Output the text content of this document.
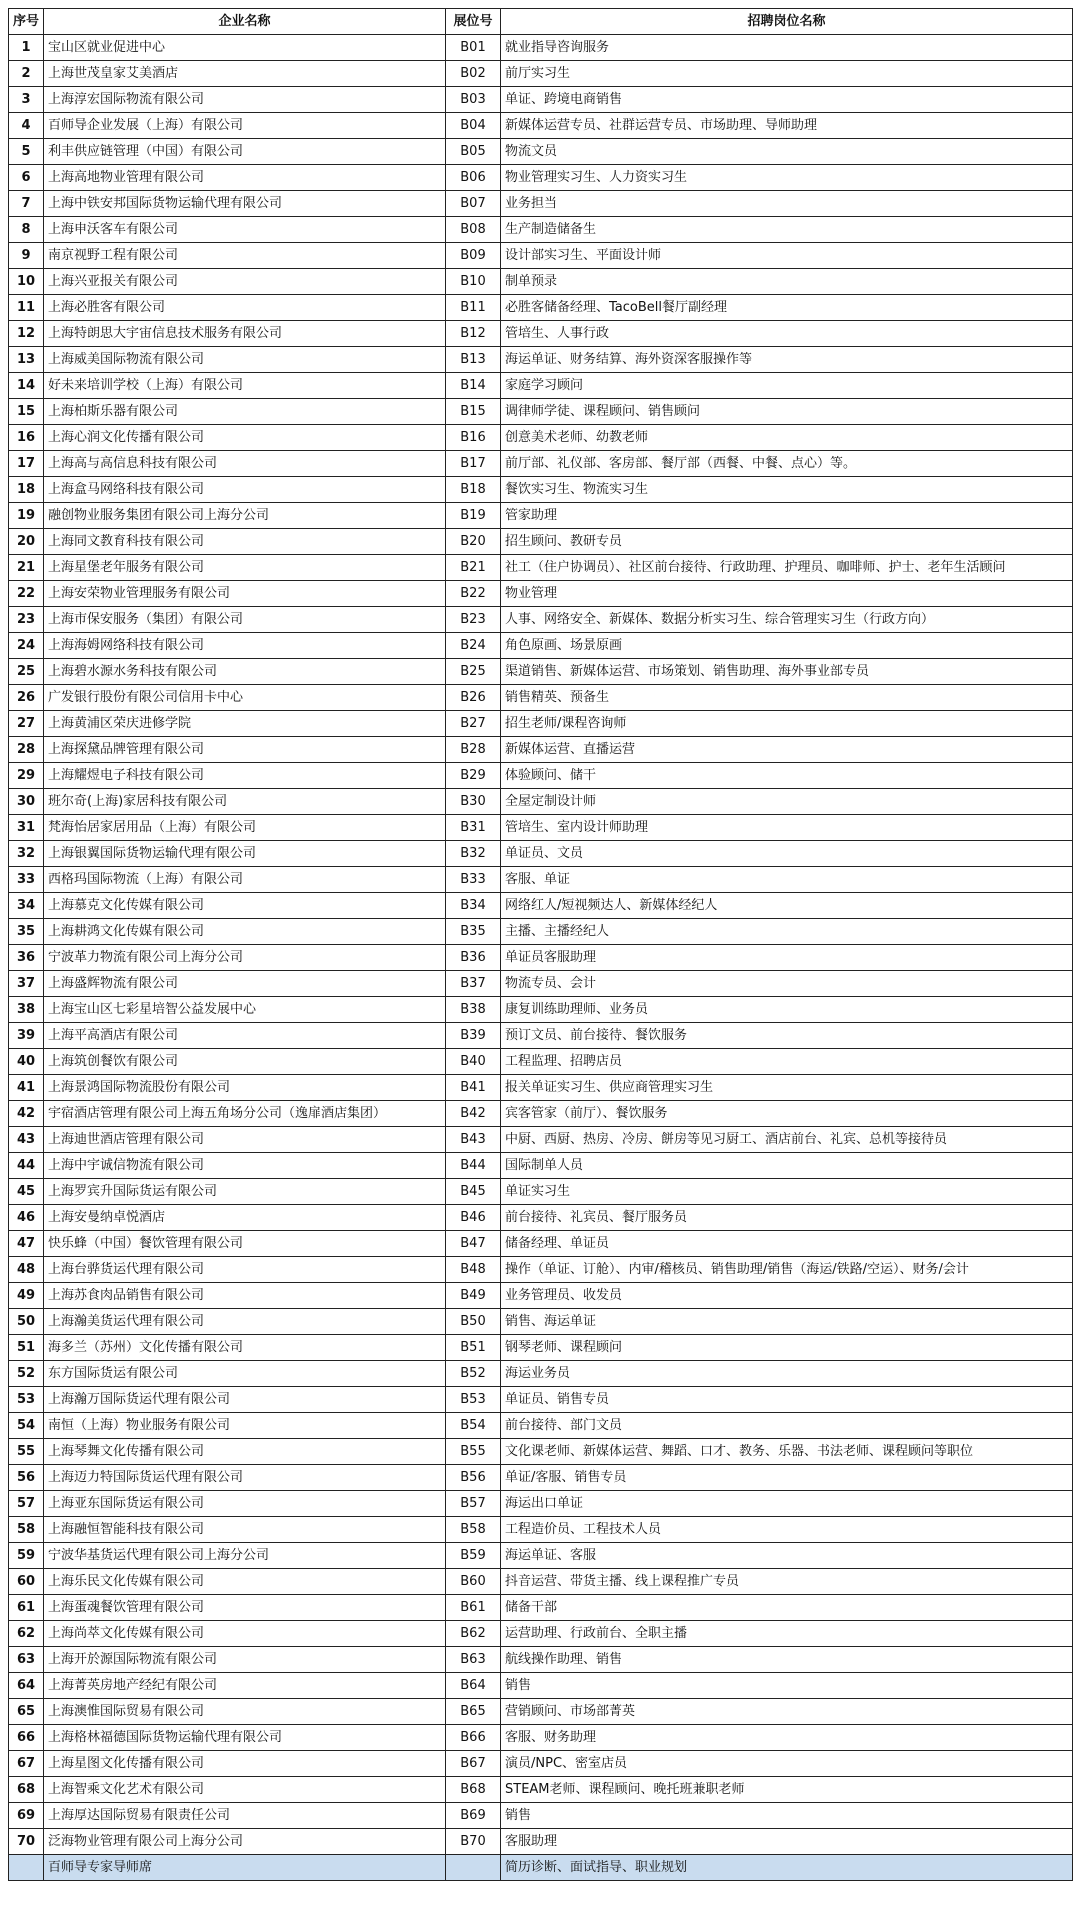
序号	企业名称	展位号	招聘岗位名称
1	宝山区就业促进中心	B01	就业指导咨询服务
2	上海世茂皇家艾美酒店	B02	前厅实习生
3	上海淳宏国际物流有限公司	B03	单证、跨境电商销售
4	百师导企业发展（上海）有限公司	B04	新媒体运营专员、社群运营专员、市场助理、导师助理
5	利丰供应链管理（中国）有限公司	B05	物流文员
6	上海高地物业管理有限公司	B06	物业管理实习生、人力资实习生
7	上海中铁安邦国际货物运输代理有限公司	B07	业务担当
8	上海申沃客车有限公司	B08	生产制造储备生
9	南京视野工程有限公司	B09	设计部实习生、平面设计师
10	上海兴亚报关有限公司	B10	制单预录
11	上海必胜客有限公司	B11	必胜客储备经理、TacoBell餐厅副经理
12	上海特朗思大宇宙信息技术服务有限公司	B12	管培生、人事行政
13	上海威美国际物流有限公司	B13	海运单证、财务结算、海外资深客服操作等
14	好未来培训学校（上海）有限公司	B14	家庭学习顾问
15	上海柏斯乐器有限公司	B15	调律师学徒、课程顾问、销售顾问
16	上海心润文化传播有限公司	B16	创意美术老师、幼教老师
17	上海高与高信息科技有限公司	B17	前厅部、礼仪部、客房部、餐厅部（西餐、中餐、点心）等。
18	上海盒马网络科技有限公司	B18	餐饮实习生、物流实习生
19	融创物业服务集团有限公司上海分公司	B19	管家助理
20	上海同文教育科技有限公司	B20	招生顾问、教研专员
21	上海星堡老年服务有限公司	B21	社工（住户协调员）、社区前台接待、行政助理、护理员、咖啡师、护士、老年生活顾问
22	上海安荣物业管理服务有限公司	B22	物业管理
23	上海市保安服务（集团）有限公司	B23	人事、网络安全、新媒体、数据分析实习生、综合管理实习生（行政方向）
24	上海海姆网络科技有限公司	B24	角色原画、场景原画
25	上海碧水源水务科技有限公司	B25	渠道销售、新媒体运营、市场策划、销售助理、海外事业部专员
26	广发银行股份有限公司信用卡中心	B26	销售精英、预备生
27	上海黄浦区荣庆进修学院	B27	招生老师/课程咨询师
28	上海探黛品牌管理有限公司	B28	新媒体运营、直播运营
29	上海耀煜电子科技有限公司	B29	体验顾问、储干
30	班尔奇(上海)家居科技有限公司	B30	全屋定制设计师
31	梵海怡居家居用品（上海）有限公司	B31	管培生、室内设计师助理
32	上海银翼国际货物运输代理有限公司	B32	单证员、文员
33	西格玛国际物流（上海）有限公司	B33	客服、单证
34	上海慕克文化传媒有限公司	B34	网络红人/短视频达人、新媒体经纪人
35	上海耕鸿文化传媒有限公司	B35	主播、主播经纪人
36	宁波革力物流有限公司上海分公司	B36	单证员客服助理
37	上海盛辉物流有限公司	B37	物流专员、会计
38	上海宝山区七彩星培智公益发展中心	B38	康复训练助理师、业务员
39	上海平高酒店有限公司	B39	预订文员、前台接待、餐饮服务
40	上海筑创餐饮有限公司	B40	工程监理、招聘店员
41	上海景鸿国际物流股份有限公司	B41	报关单证实习生、供应商管理实习生
42	宇宿酒店管理有限公司上海五角场分公司（逸扉酒店集团）	B42	宾客管家（前厅）、餐饮服务
43	上海迪世酒店管理有限公司	B43	中厨、西厨、热房、冷房、餅房等见习厨工、酒店前台、礼宾、总机等接待员
44	上海中宇诚信物流有限公司	B44	国际制单人员
45	上海罗宾升国际货运有限公司	B45	单证实习生
46	上海安曼纳卓悦酒店	B46	前台接待、礼宾员、餐厅服务员
47	快乐蜂（中国）餐饮管理有限公司	B47	储备经理、单证员
48	上海台骅货运代理有限公司	B48	操作（单证、订舱）、内审/稽核员、销售助理/销售（海运/铁路/空运）、财务/会计
49	上海苏食肉品销售有限公司	B49	业务管理员、收发员
50	上海瀚美货运代理有限公司	B50	销售、海运单证
51	海多兰（苏州）文化传播有限公司	B51	钢琴老师、课程顾问
52	东方国际货运有限公司	B52	海运业务员
53	上海瀚万国际货运代理有限公司	B53	单证员、销售专员
54	南恒（上海）物业服务有限公司	B54	前台接待、部门文员
55	上海琴舞文化传播有限公司	B55	文化课老师、新媒体运营、舞蹈、口才、教务、乐器、书法老师、课程顾问等职位
56	上海迈力特国际货运代理有限公司	B56	单证/客服、销售专员
57	上海亚东国际货运有限公司	B57	海运出口单证
58	上海融恒智能科技有限公司	B58	工程造价员、工程技术人员
59	宁波华基货运代理有限公司上海分公司	B59	海运单证、客服
60	上海乐民文化传媒有限公司	B60	抖音运营、带货主播、线上课程推广专员
61	上海蛋魂餐饮管理有限公司	B61	储备干部
62	上海尚萃文化传媒有限公司	B62	运营助理、行政前台、全职主播
63	上海开於源国际物流有限公司	B63	航线操作助理、销售
64	上海菁英房地产经纪有限公司	B64	销售
65	上海澳惟国际贸易有限公司	B65	营销顾问、市场部菁英
66	上海格林福德国际货物运输代理有限公司	B66	客服、财务助理
67	上海星图文化传播有限公司	B67	演员/NPC、密室店员
68	上海智乘文化艺术有限公司	B68	STEAM老师、课程顾问、晚托班兼职老师
69	上海厚达国际贸易有限责任公司	B69	销售
70	泛海物业管理有限公司上海分公司	B70	客服助理
	百师导专家导师席		简历诊断、面试指导、职业规划
